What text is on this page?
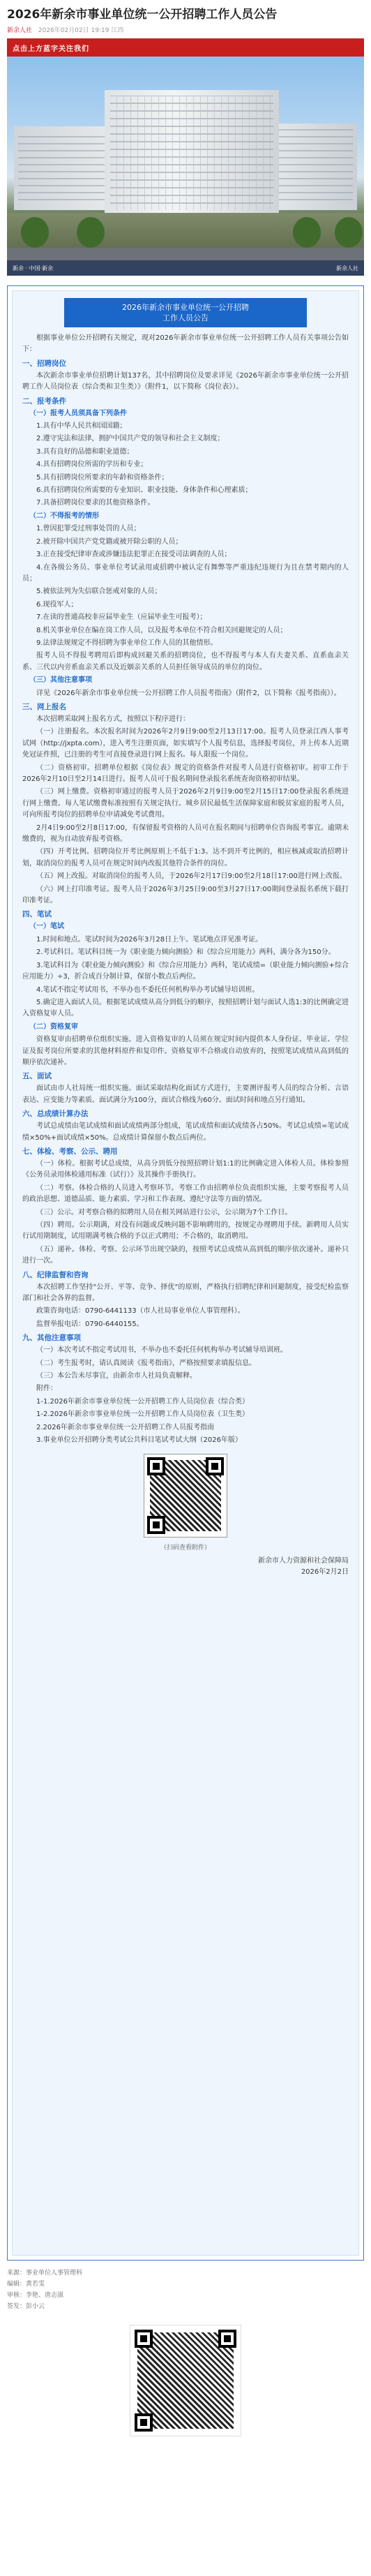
2026年新余市事业单位统一公开招聘工作人员公告
新余人社 2026年02月02日 19:19 江西
点击上方蓝字关注我们
新余 · 中国·新余	新余人社
2026年新余市事业单位统一公开招聘
工作人员公告

根据事业单位公开招聘有关规定，现对2026年新余市事业单位统一公开招聘工作人员有关事项公告如下：

一、招聘岗位

本次新余市事业单位招聘计划137名，其中招聘岗位及要求详见《2026年新余市事业单位统一公开招聘工作人员岗位表（综合类和卫生类）》（附件1，以下简称《岗位表》）。

二、报考条件

（一）报考人员须具备下列条件

1.具有中华人民共和国国籍；

2.遵守宪法和法律，拥护中国共产党的领导和社会主义制度；

3.具有良好的品德和职业道德；

4.具有招聘岗位所需的学历和专业；

5.具有招聘岗位所要求的年龄和资格条件；

6.具有招聘岗位所需要的专业知识、职业技能、身体条件和心理素质；

7.具备招聘岗位要求的其他资格条件。

（二）不得报考的情形

1.曾因犯罪受过刑事处罚的人员；

2.被开除中国共产党党籍或被开除公职的人员；

3.正在接受纪律审查或涉嫌违法犯罪正在接受司法调查的人员；

4.在各级公务员、事业单位考试录用或招聘中被认定有舞弊等严重违纪违规行为且在禁考期内的人员；

5.被依法列为失信联合惩戒对象的人员；

6.现役军人；

7.在读的普通高校非应届毕业生（应届毕业生可报考）；

8.机关事业单位在编在岗工作人员，以及报考本单位不符合相关回避规定的人员；

9.法律法规规定不得招聘为事业单位工作人员的其他情形。

报考人员不得报考聘用后即构成回避关系的招聘岗位，也不得报考与本人有夫妻关系、直系血亲关系、三代以内旁系血亲关系以及近姻亲关系的人员担任领导成员的单位的岗位。

（三）其他注意事项

详见《2026年新余市事业单位统一公开招聘工作人员报考指南》（附件2，以下简称《报考指南》）。

三、网上报名

本次招聘采取网上报名方式，按照以下程序进行：

（一）注册报名。本次报名时间为2026年2月9日9:00至2月13日17:00。报考人员登录江西人事考试网（http://jxpta.com），进入考生注册页面，如实填写个人报考信息，选择报考岗位，并上传本人近期免冠证件照，已注册的考生可直接登录进行网上报名。每人限报一个岗位。

（二）资格初审。招聘单位根据《岗位表》规定的资格条件对报考人员进行资格初审。初审工作于2026年2月10日至2月14日进行。报考人员可于报名期间登录报名系统查询资格初审结果。

（三）网上缴费。资格初审通过的报考人员于2026年2月9日9:00至2月15日17:00登录报名系统进行网上缴费。每人笔试缴费标准按照有关规定执行。城乡居民最低生活保障家庭和脱贫家庭的报考人员，可向所报考岗位的招聘单位申请减免考试费用。

2月4日9:00至2月8日17:00，有保留报考资格的人员可在报名期间与招聘单位咨询报考事宜。逾期未缴费的，视为自动放弃报考资格。

（四）开考比例。招聘岗位开考比例原则上不低于1:3。达不到开考比例的，相应核减或取消招聘计划，取消岗位的报考人员可在规定时间内改报其他符合条件的岗位。

（五）网上改报。对取消岗位的报考人员，于2026年2月17日9:00至2月18日17:00进行网上改报。

（六）网上打印准考证。报考人员于2026年3月25日9:00至3月27日17:00期间登录报名系统下载打印准考证。

四、笔试

（一）笔试

1.时间和地点。笔试时间为2026年3月28日上午。笔试地点详见准考证。

2.考试科目。笔试科目统一为《职业能力倾向测验》和《综合应用能力》两科，满分各为150分。

3.笔试科目为《职业能力倾向测验》和《综合应用能力》两科，笔试成绩=（职业能力倾向测验+综合应用能力）÷3，折合成百分制计算，保留小数点后两位。

4.笔试不指定考试用书，不举办也不委托任何机构举办考试辅导培训班。

5.确定进入面试人员。根据笔试成绩从高分到低分的顺序，按照招聘计划与面试人选1:3的比例确定进入资格复审人员。

（二）资格复审

资格复审由招聘单位组织实施。进入资格复审的人员须在规定时间内提供本人身份证、毕业证、学位证及报考岗位所要求的其他材料原件和复印件。资格复审不合格或自动放弃的，按照笔试成绩从高到低的顺序依次递补。

五、面试

面试由市人社局统一组织实施。面试采取结构化面试方式进行，主要测评报考人员的综合分析、言语表达、应变能力等素质。面试满分为100分，面试合格线为60分。面试时间和地点另行通知。

六、总成绩计算办法

考试总成绩由笔试成绩和面试成绩两部分组成，笔试成绩和面试成绩各占50%。考试总成绩=笔试成绩×50%+面试成绩×50%。总成绩计算保留小数点后两位。

七、体检、考察、公示、聘用

（一）体检。根据考试总成绩，从高分到低分按照招聘计划1:1的比例确定进入体检人员。体检参照《公务员录用体检通用标准（试行）》及其操作手册执行。

（二）考察。体检合格的人员进入考察环节。考察工作由招聘单位负责组织实施，主要考察报考人员的政治思想、道德品质、能力素质、学习和工作表现、遵纪守法等方面的情况。

（三）公示。对考察合格的拟聘用人员在相关网站进行公示，公示期为7个工作日。

（四）聘用。公示期满，对没有问题或反映问题不影响聘用的，按规定办理聘用手续。新聘用人员实行试用期制度，试用期满考核合格的予以正式聘用；不合格的，取消聘用。

（五）递补。体检、考察、公示环节出现空缺的，按照考试总成绩从高到低的顺序依次递补。递补只进行一次。

八、纪律监督和咨询

本次招聘工作坚持"公开、平等、竞争、择优"的原则，严格执行招聘纪律和回避制度，接受纪检监察部门和社会各界的监督。

政策咨询电话：0790-6441133（市人社局事业单位人事管理科）。

监督举报电话：0790-6440155。

九、其他注意事项

（一）本次考试不指定考试用书，不举办也不委托任何机构举办考试辅导培训班。

（二）考生报考时，请认真阅读《报考指南》，严格按照要求填报信息。

（三）本公告未尽事宜，由新余市人社局负责解释。

附件：

1-1.2026年新余市事业单位统一公开招聘工作人员岗位表（综合类）

1-2.2026年新余市事业单位统一公开招聘工作人员岗位表（卫生类）

2.2026年新余市事业单位统一公开招聘工作人员报考指南

3.事业单位公开招聘分类考试公共科目笔试考试大纲（2026年版）

（扫码查看附件）
新余市人力资源和社会保障局
2026年2月2日
来源：事业单位人事管理科
编辑：黄若雯
审核：李艳、唐志强
签发：彭小云
